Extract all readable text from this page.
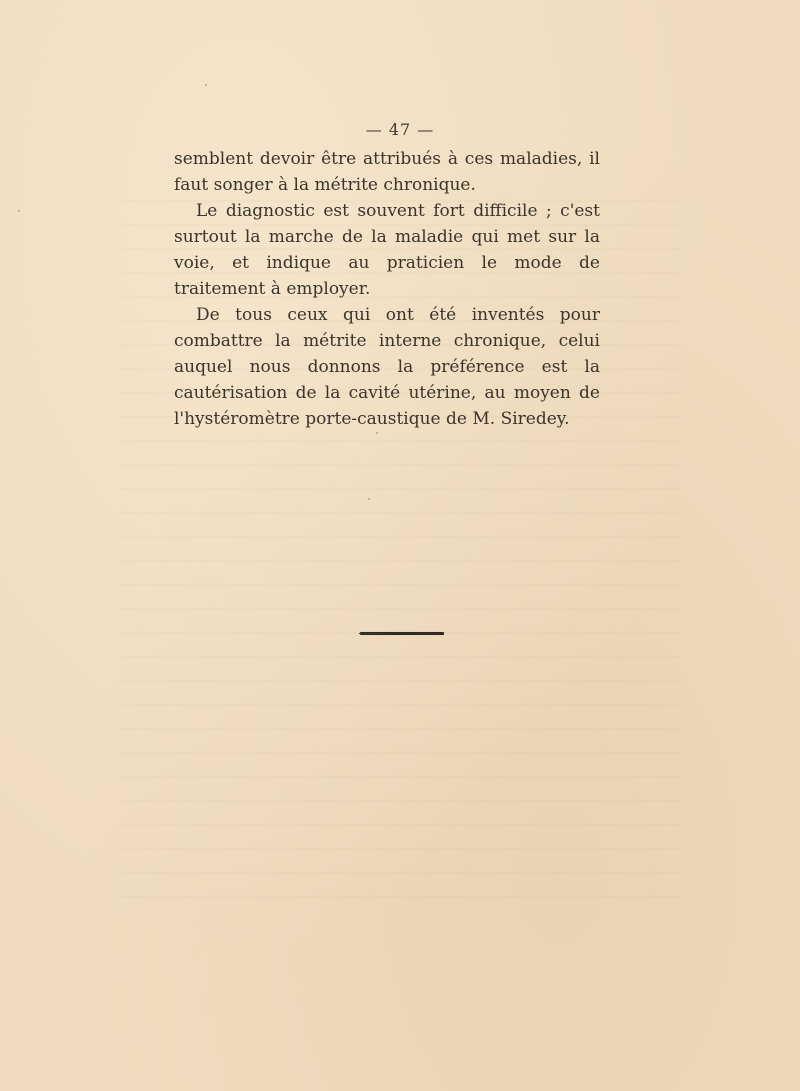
— 47 —

semblent devoir être attribués à ces maladies, il faut songer à la métrite chronique.

Le diagnostic est souvent fort difficile ; c'est surtout la marche de la maladie qui met sur la voie, et indique au praticien le mode de traitement à employer.

De tous ceux qui ont été inventés pour combattre la métrite interne chronique, celui auquel nous donnons la préférence est la cautérisation de la cavité utérine, au moyen de l'hystéromètre porte-caustique de M. Siredey.
